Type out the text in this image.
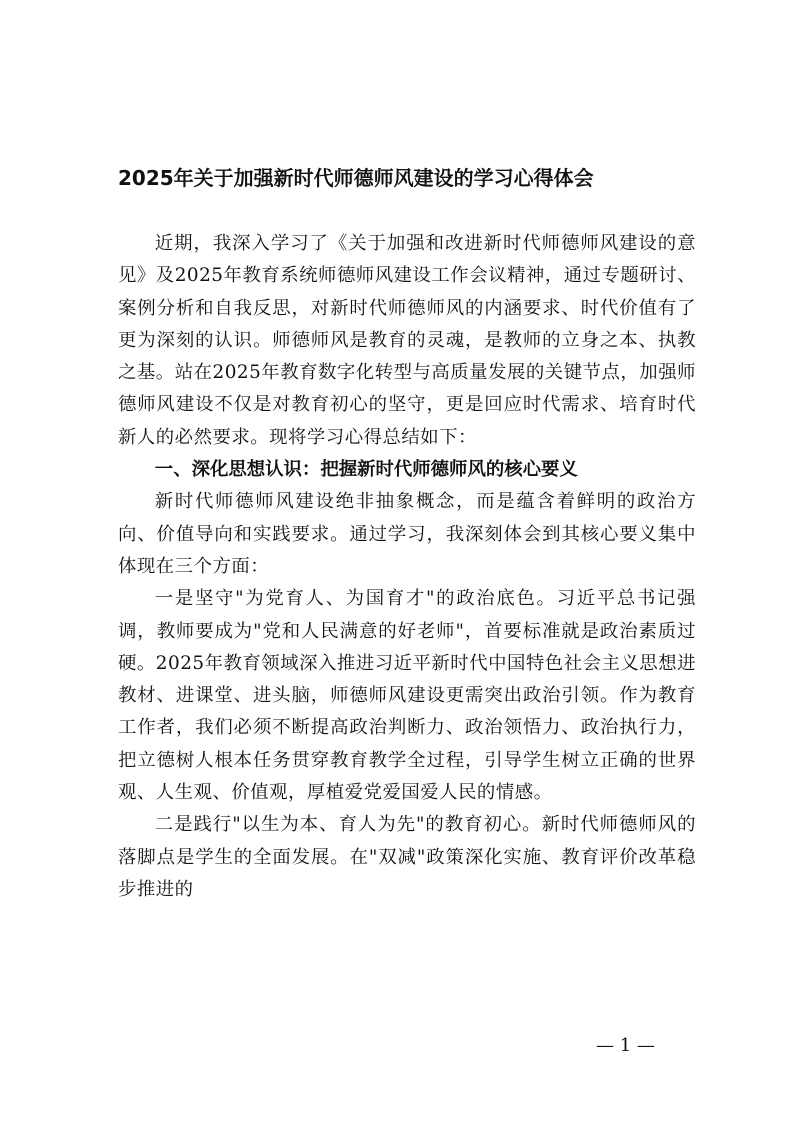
2025年关于加强新时代师德师风建设的学习心得体会

近期，我深入学习了《关于加强和改进新时代师德师风建设的意见》及2025年教育系统师德师风建设工作会议精神，通过专题研讨、案例分析和自我反思，对新时代师德师风的内涵要求、时代价值有了更为深刻的认识。师德师风是教育的灵魂，是教师的立身之本、执教之基。站在2025年教育数字化转型与高质量发展的关键节点，加强师德师风建设不仅是对教育初心的坚守，更是回应时代需求、培育时代新人的必然要求。现将学习心得总结如下：

一、深化思想认识：把握新时代师德师风的核心要义

新时代师德师风建设绝非抽象概念，而是蕴含着鲜明的政治方向、价值导向和实践要求。通过学习，我深刻体会到其核心要义集中体现在三个方面：

一是坚守"为党育人、为国育才"的政治底色。习近平总书记强调，教师要成为"党和人民满意的好老师"，首要标准就是政治素质过硬。2025年教育领域深入推进习近平新时代中国特色社会主义思想进教材、进课堂、进头脑，师德师风建设更需突出政治引领。作为教育工作者，我们必须不断提高政治判断力、政治领悟力、政治执行力，把立德树人根本任务贯穿教育教学全过程，引导学生树立正确的世界观、人生观、价值观，厚植爱党爱国爱人民的情感。

二是践行"以生为本、育人为先"的教育初心。新时代师德师风的落脚点是学生的全面发展。在"双减"政策深化实施、教育评价改革稳步推进的

— 1 —
